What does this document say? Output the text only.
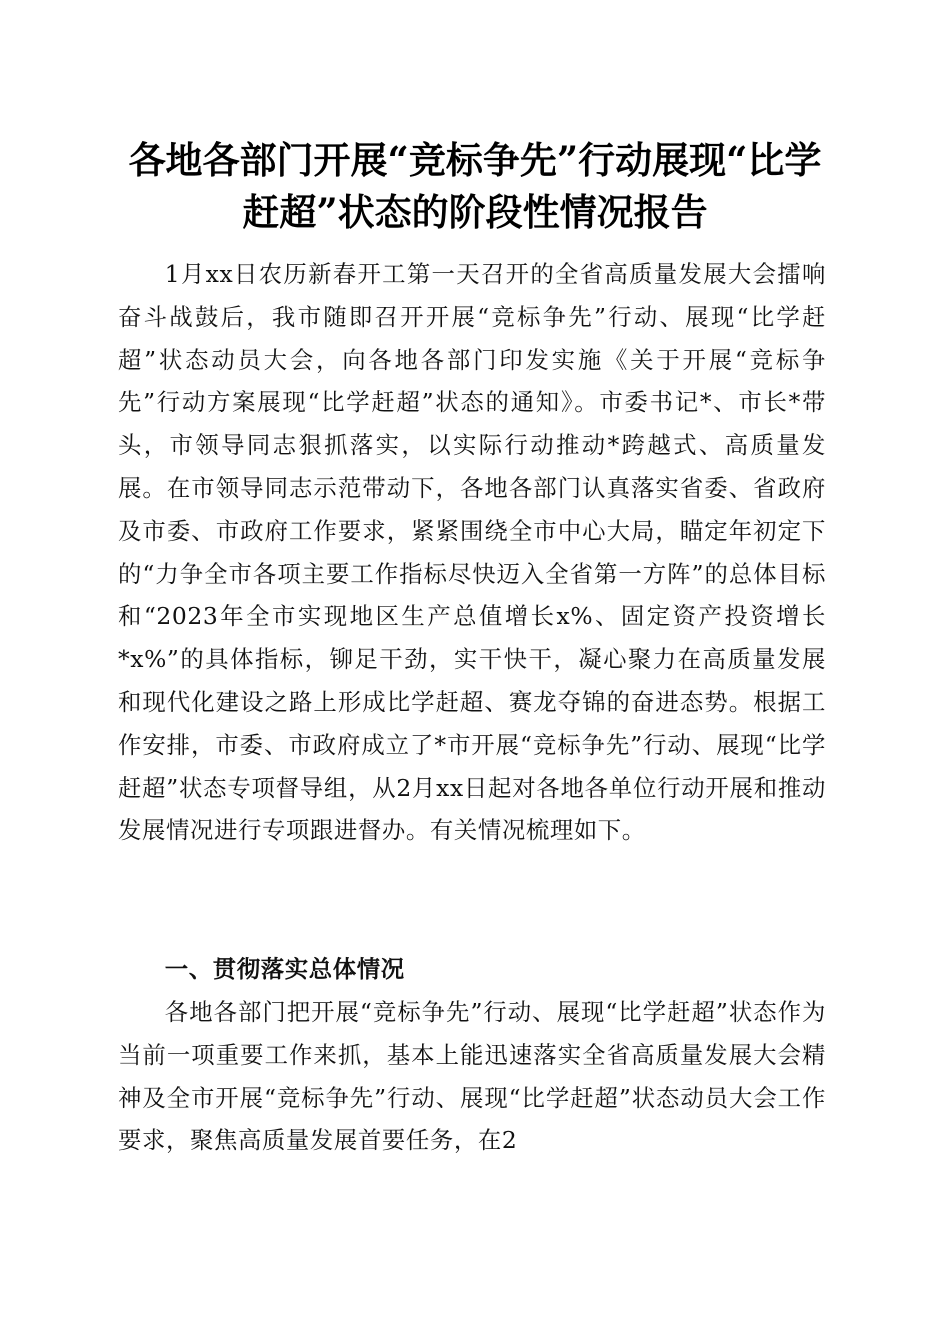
各地各部门开展“竞标争先”行动展现“比学
赶超”状态的阶段性情况报告

1月xx日农历新春开工第一天召开的全省高质量发展大会擂响奋斗战鼓后，我市随即召开开展“竞标争先”行动、展现“比学赶超”状态动员大会，向各地各部门印发实施《关于开展“竞标争先”行动方案展现“比学赶超”状态的通知》。市委书记*、市长*带头，市领导同志狠抓落实，以实际行动推动*跨越式、高质量发展。在市领导同志示范带动下，各地各部门认真落实省委、省政府及市委、市政府工作要求，紧紧围绕全市中心大局，瞄定年初定下的“力争全市各项主要工作指标尽快迈入全省第一方阵”的总体目标和“2023年全市实现地区生产总值增长x%、固定资产投资增长*x%”的具体指标，铆足干劲，实干快干，凝心聚力在高质量发展和现代化建设之路上形成比学赶超、赛龙夺锦的奋进态势。根据工作安排，市委、市政府成立了*市开展“竞标争先”行动、展现“比学赶超”状态专项督导组，从2月xx日起对各地各单位行动开展和推动发展情况进行专项跟进督办。有关情况梳理如下。

一、贯彻落实总体情况

各地各部门把开展“竞标争先”行动、展现“比学赶超”状态作为当前一项重要工作来抓，基本上能迅速落实全省高质量发展大会精神及全市开展“竞标争先”行动、展现“比学赶超”状态动员大会工作要求，聚焦高质量发展首要任务，在2
